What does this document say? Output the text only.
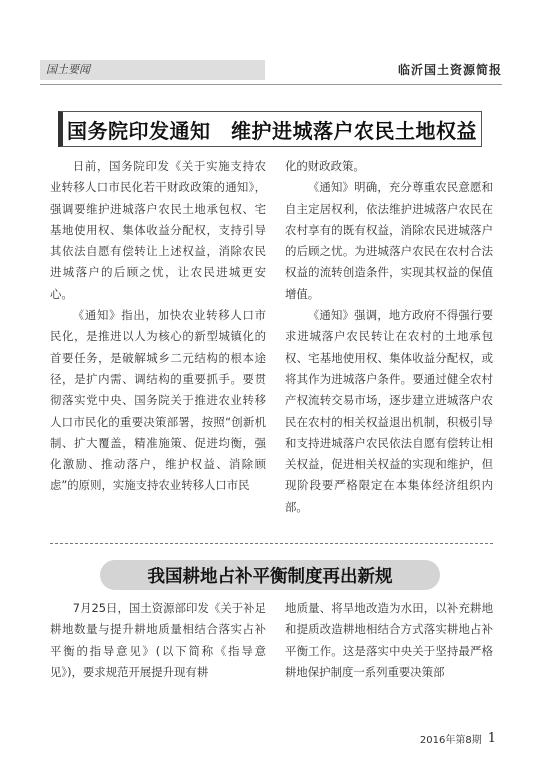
国土要闻	临沂国土资源简报
国务院印发通知　维护进城落户农民土地权益

日前，国务院印发《关于实施支持农业转移人口市民化若干财政政策的通知》，强调要维护进城落户农民土地承包权、宅基地使用权、集体收益分配权，支持引导其依法自愿有偿转让上述权益，消除农民进城落户的后顾之忧，让农民进城更安心。

《通知》指出，加快农业转移人口市民化，是推进以人为核心的新型城镇化的首要任务，是破解城乡二元结构的根本途径，是扩内需、调结构的重要抓手。要贯彻落实党中央、国务院关于推进农业转移人口市民化的重要决策部署，按照“创新机制、扩大覆盖，精准施策、促进均衡，强化激励、推动落户，维护权益、消除顾虑”的原则，实施支持农业转移人口市民

化的财政政策。

《通知》明确，充分尊重农民意愿和自主定居权利，依法维护进城落户农民在农村享有的既有权益，消除农民进城落户的后顾之忧。为进城落户农民在农村合法权益的流转创造条件，实现其权益的保值增值。

《通知》强调，地方政府不得强行要求进城落户农民转让在农村的土地承包权、宅基地使用权、集体收益分配权，或将其作为进城落户条件。要通过健全农村产权流转交易市场，逐步建立进城落户农民在农村的相关权益退出机制，积极引导和支持进城落户农民依法自愿有偿转让相关权益，促进相关权益的实现和维护，但现阶段要严格限定在本集体经济组织内部。

我国耕地占补平衡制度再出新规

7月25日，国土资源部印发《关于补足耕地数量与提升耕地质量相结合落实占补平衡的指导意见》(以下简称《指导意见》)，要求规范开展提升现有耕

地质量、将旱地改造为水田，以补充耕地和提质改造耕地相结合方式落实耕地占补平衡工作。这是落实中央关于坚持最严格耕地保护制度一系列重要决策部

2016年第8期 1
